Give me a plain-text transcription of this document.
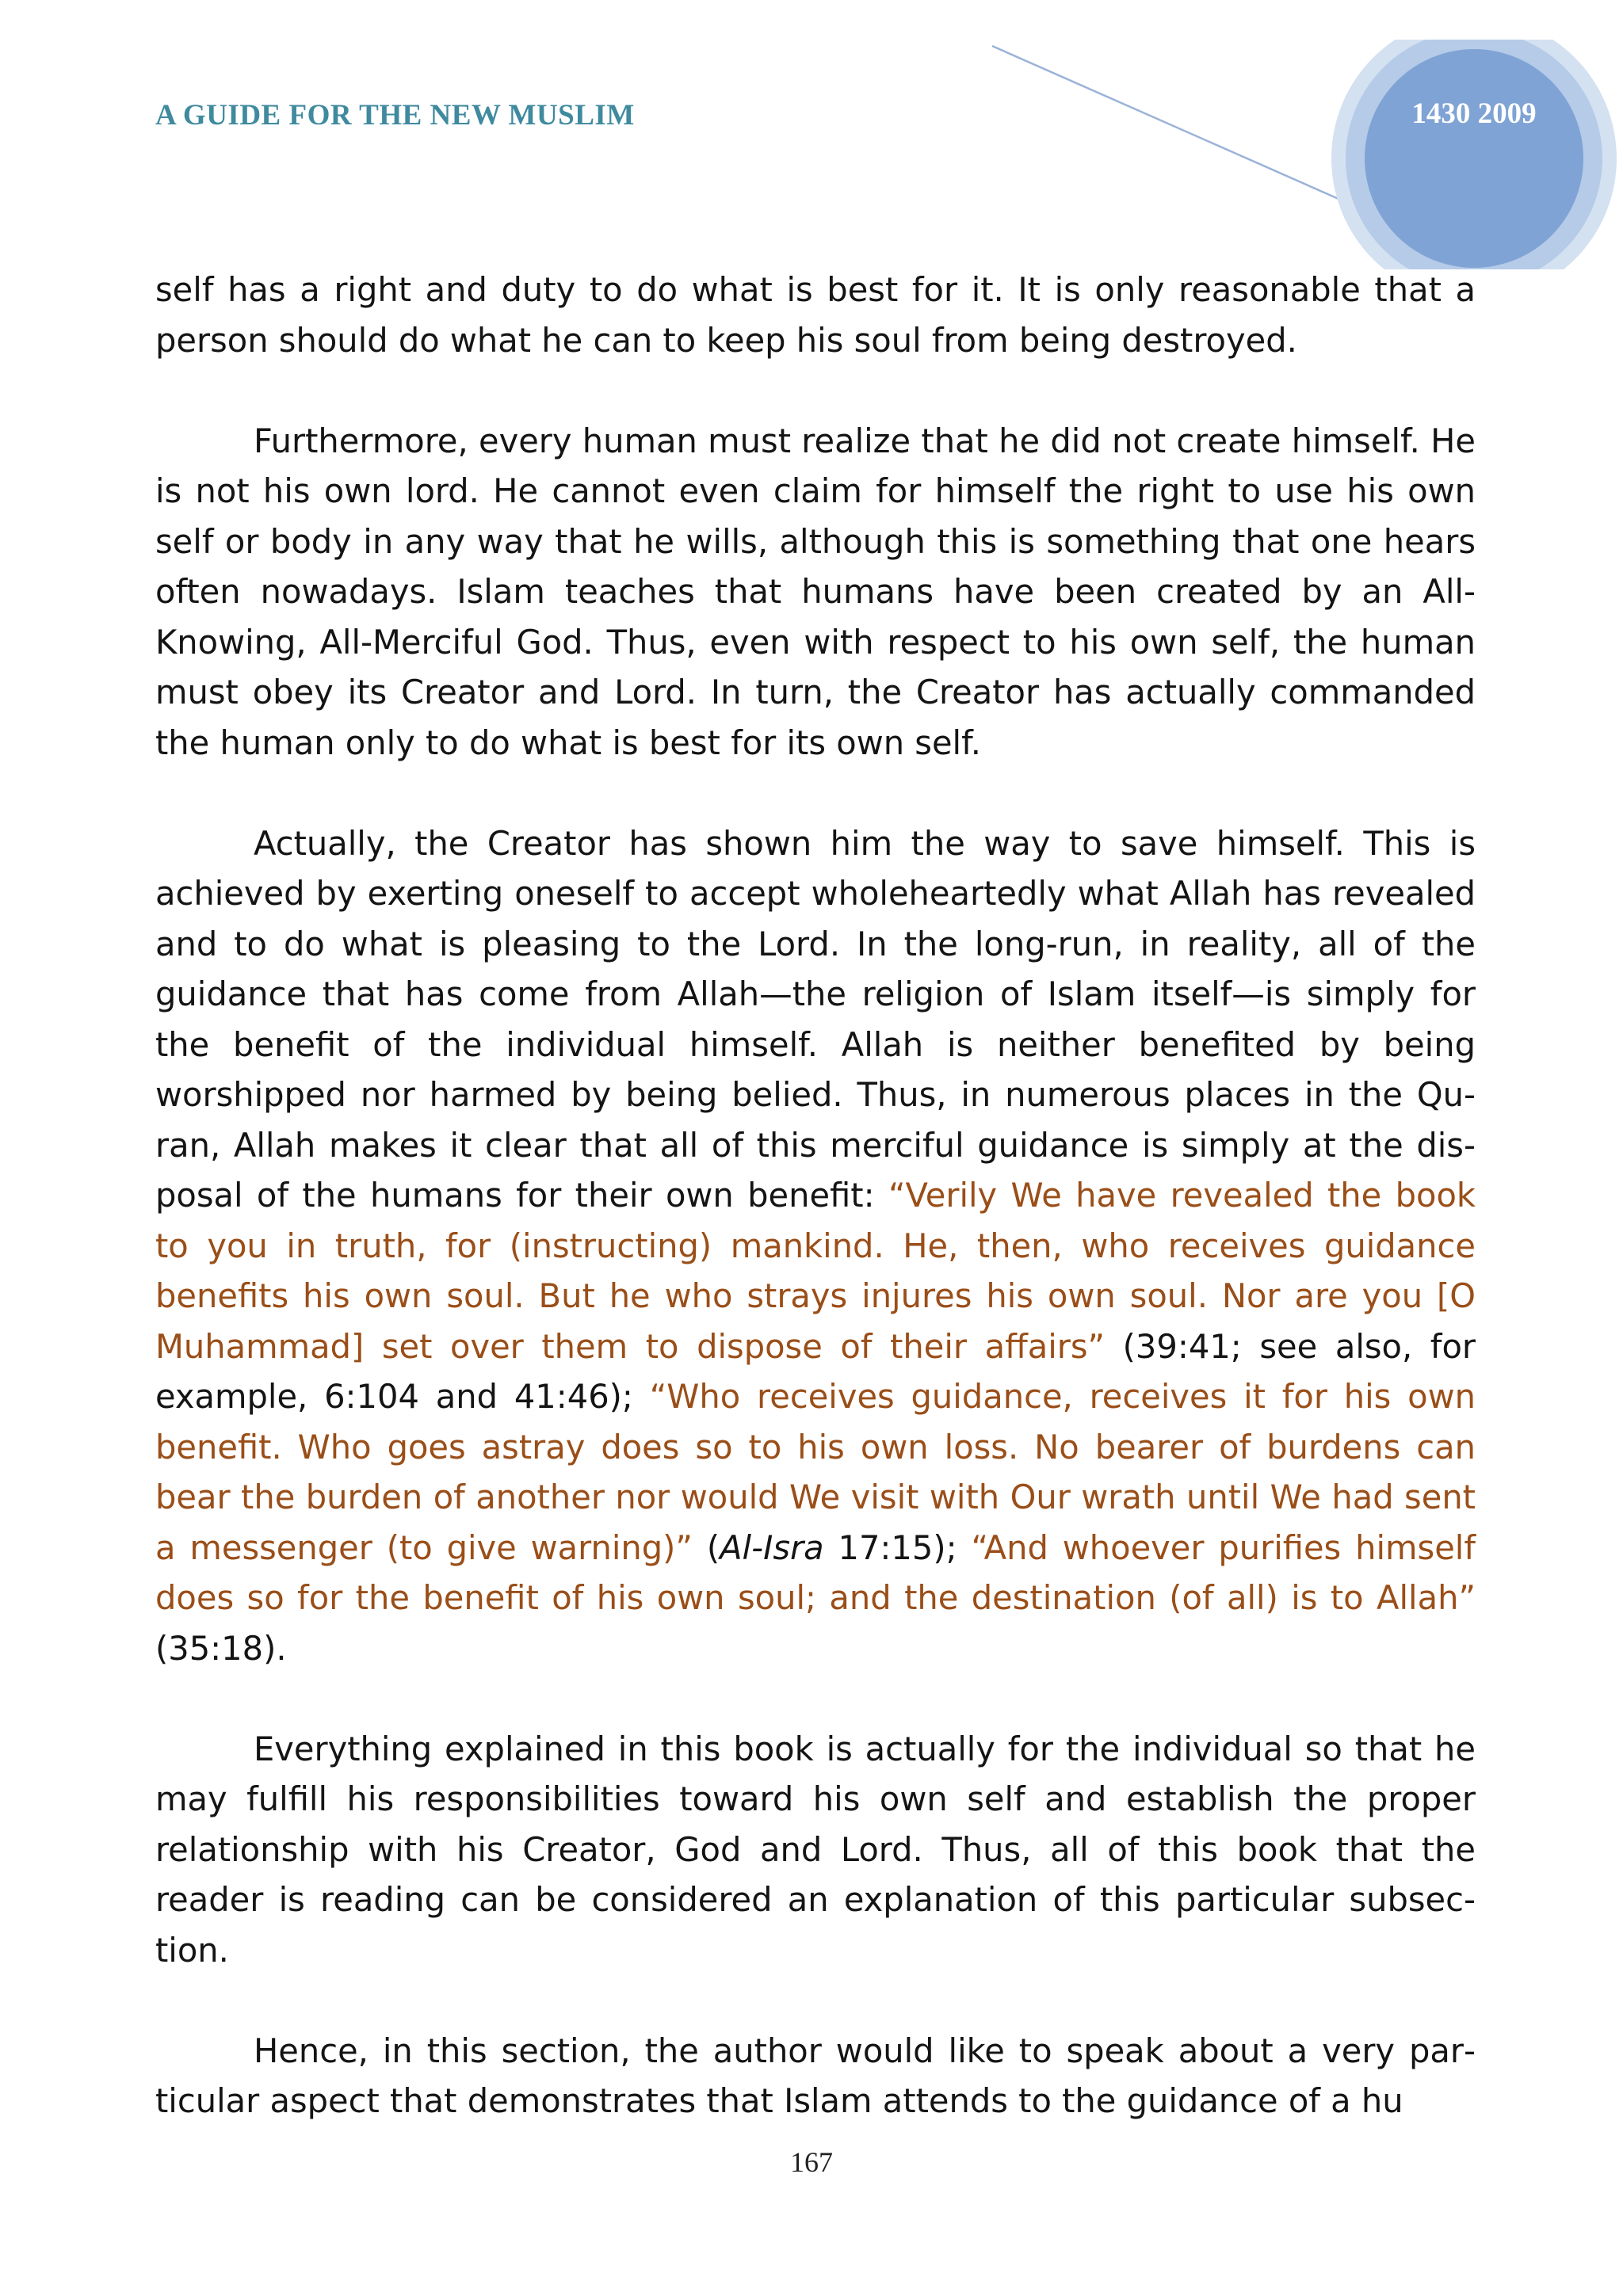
A GUIDE FOR THE NEW MUSLIM	1430 2009

self has a right and duty to do what is best for it. It is only reasonable that a person should do what he can to keep his soul from being destroyed.

Furthermore, every human must realize that he did not create himself. He is not his own lord. He cannot even claim for himself the right to use his own self or body in any way that he wills, although this is something that one hears often nowadays. Islam teaches that humans have been created by an All-Knowing, All-Merciful God. Thus, even with respect to his own self, the human must obey its Creator and Lord. In turn, the Creator has actually commanded the human only to do what is best for its own self.

Actually, the Creator has shown him the way to save himself. This is achieved by exerting oneself to accept wholeheartedly what Allah has revealed and to do what is pleasing to the Lord. In the long-run, in reality, all of the guidance that has come from Allah—the religion of Islam itself—is simply for the benefit of the individual himself. Allah is neither benefited by being worshipped nor harmed by being belied. Thus, in numerous places in the Quran, Allah makes it clear that all of this merciful guidance is simply at the disposal of the humans for their own benefit: “Verily We have revealed the book to you in truth, for (instructing) mankind. He, then, who receives guidance benefits his own soul. But he who strays injures his own soul. Nor are you [O Muhammad] set over them to dispose of their affairs” (39:41; see also, for example, 6:104 and 41:46); “Who receives guidance, receives it for his own benefit. Who goes astray does so to his own loss. No bearer of burdens can bear the burden of another nor would We visit with Our wrath until We had sent a messenger (to give warning)” (Al-Isra 17:15); “And whoever purifies himself does so for the benefit of his own soul; and the destination (of all) is to Allah” (35:18).

Everything explained in this book is actually for the individual so that he may fulfill his responsibilities toward his own self and establish the proper relationship with his Creator, God and Lord. Thus, all of this book that the reader is reading can be considered an explanation of this particular subsection.

Hence, in this section, the author would like to speak about a very particular aspect that demonstrates that Islam attends to the guidance of a hu

167
